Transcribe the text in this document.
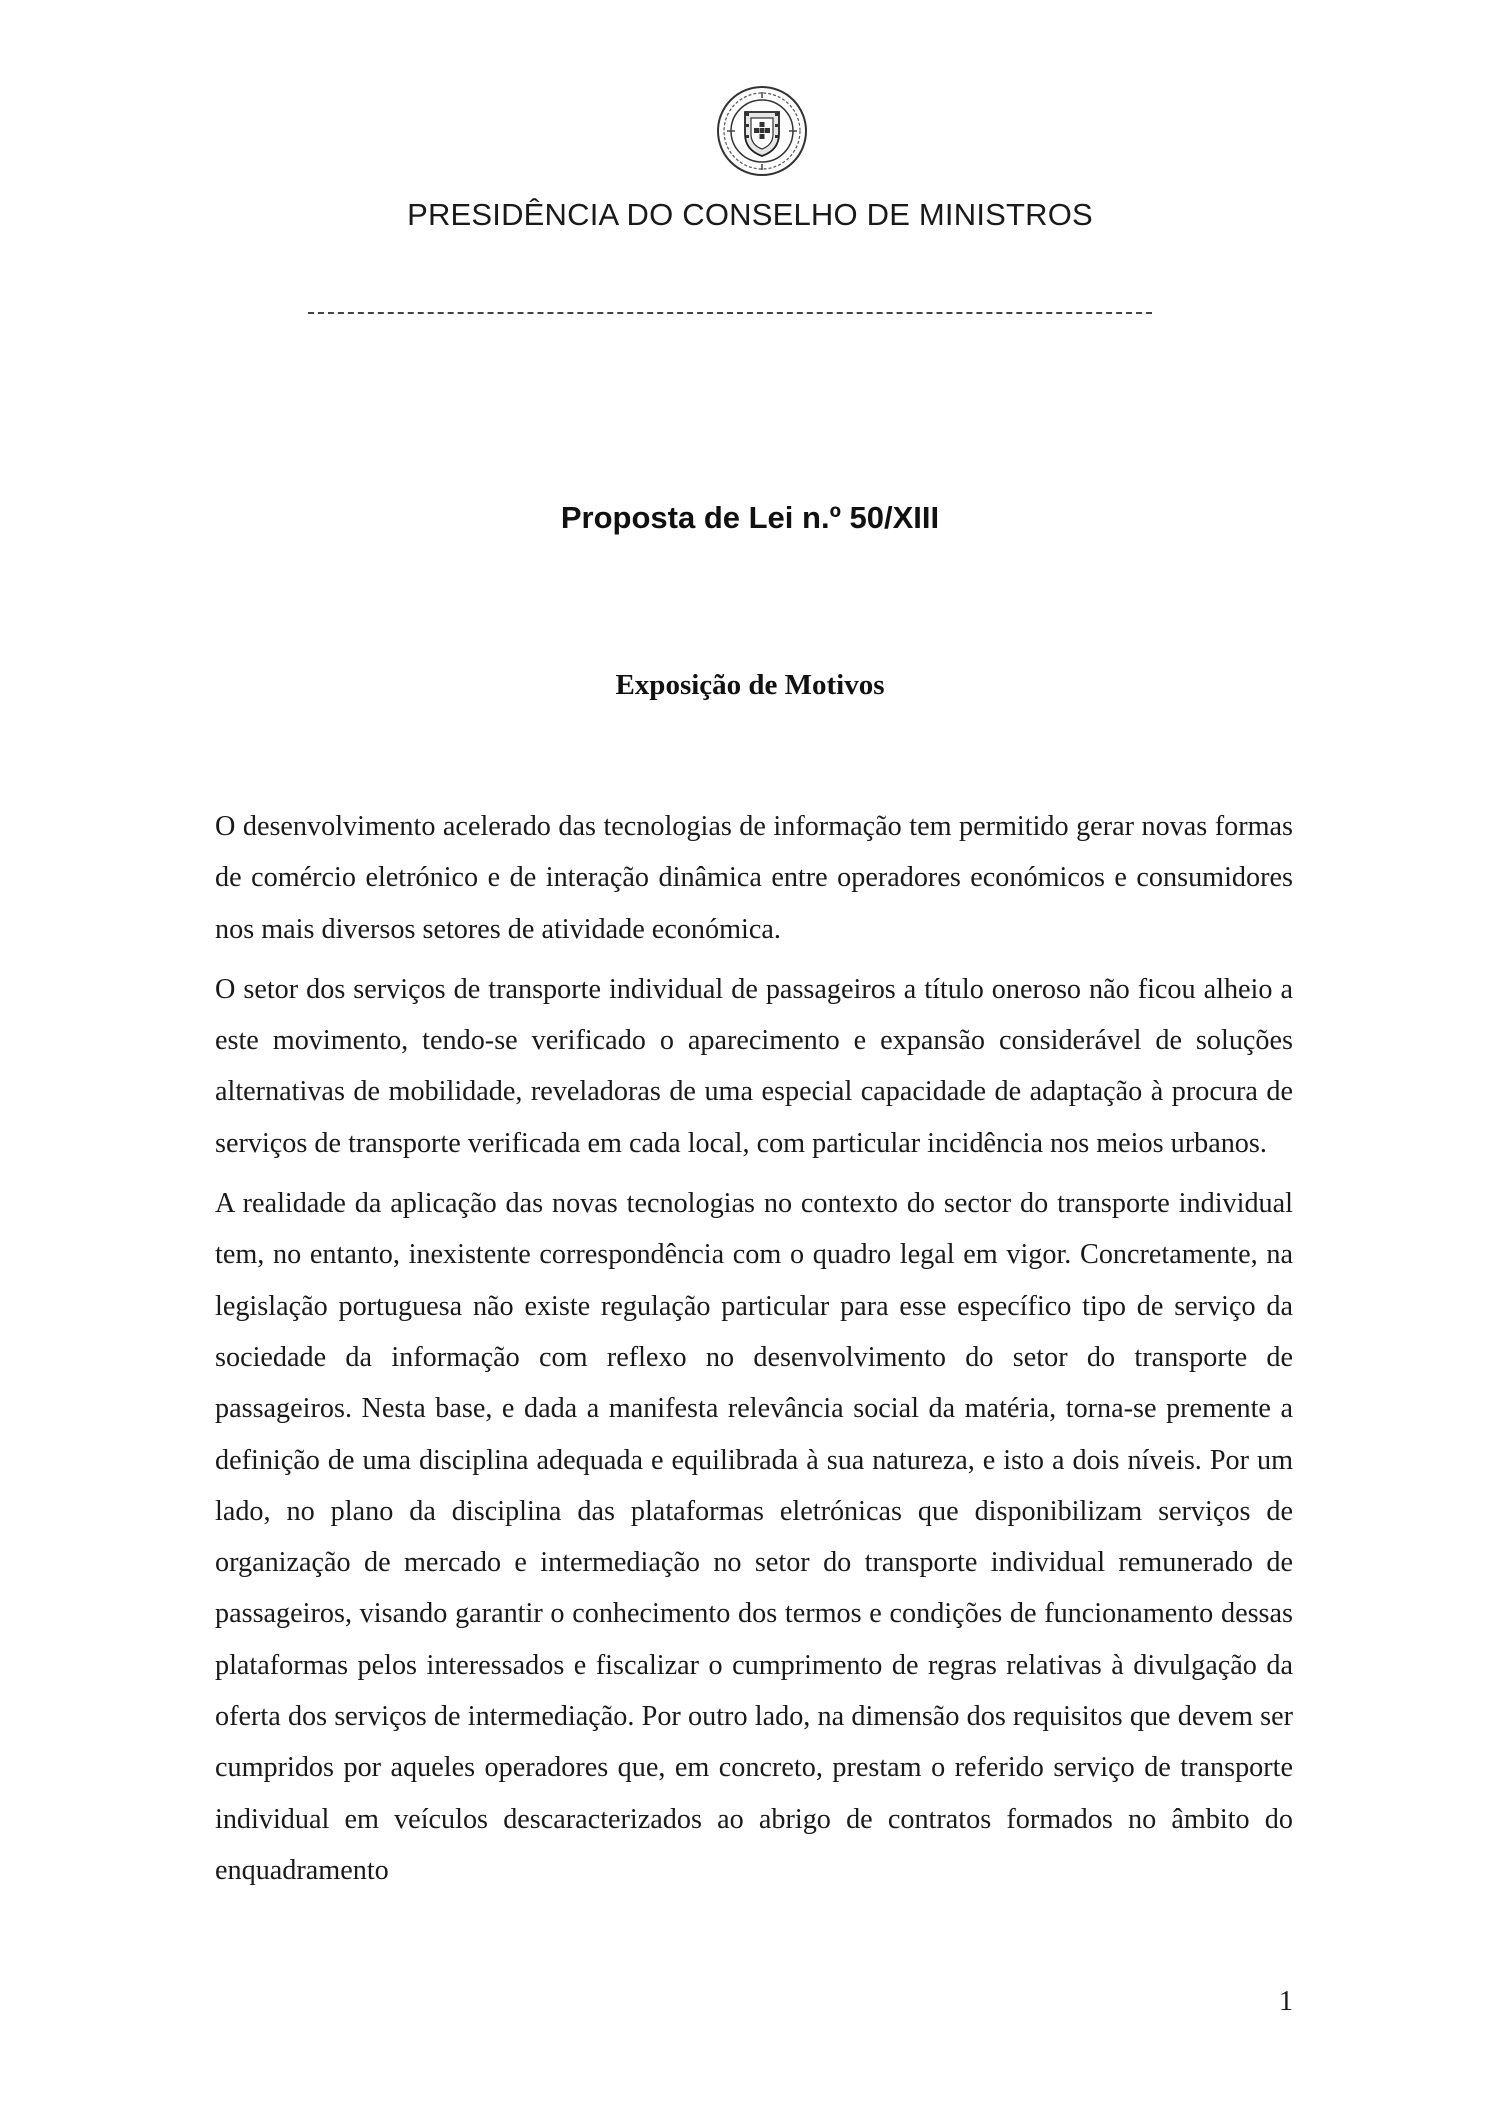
PRESIDÊNCIA DO CONSELHO DE MINISTROS
Proposta de Lei n.º 50/XIII
Exposição de Motivos

O desenvolvimento acelerado das tecnologias de informação tem permitido gerar novas formas de comércio eletrónico e de interação dinâmica entre operadores económicos e consumidores nos mais diversos setores de atividade económica.

O setor dos serviços de transporte individual de passageiros a título oneroso não ficou alheio a este movimento, tendo-se verificado o aparecimento e expansão considerável de soluções alternativas de mobilidade, reveladoras de uma especial capacidade de adaptação à procura de serviços de transporte verificada em cada local, com particular incidência nos meios urbanos.

A realidade da aplicação das novas tecnologias no contexto do sector do transporte individual tem, no entanto, inexistente correspondência com o quadro legal em vigor. Concretamente, na legislação portuguesa não existe regulação particular para esse específico tipo de serviço da sociedade da informação com reflexo no desenvolvimento do setor do transporte de passageiros. Nesta base, e dada a manifesta relevância social da matéria, torna-se premente a definição de uma disciplina adequada e equilibrada à sua natureza, e isto a dois níveis. Por um lado, no plano da disciplina das plataformas eletrónicas que disponibilizam serviços de organização de mercado e intermediação no setor do transporte individual remunerado de passageiros, visando garantir o conhecimento dos termos e condições de funcionamento dessas plataformas pelos interessados e fiscalizar o cumprimento de regras relativas à divulgação da oferta dos serviços de intermediação. Por outro lado, na dimensão dos requisitos que devem ser cumpridos por aqueles operadores que, em concreto, prestam o referido serviço de transporte individual em veículos descaracterizados ao abrigo de contratos formados no âmbito do enquadramento

1
